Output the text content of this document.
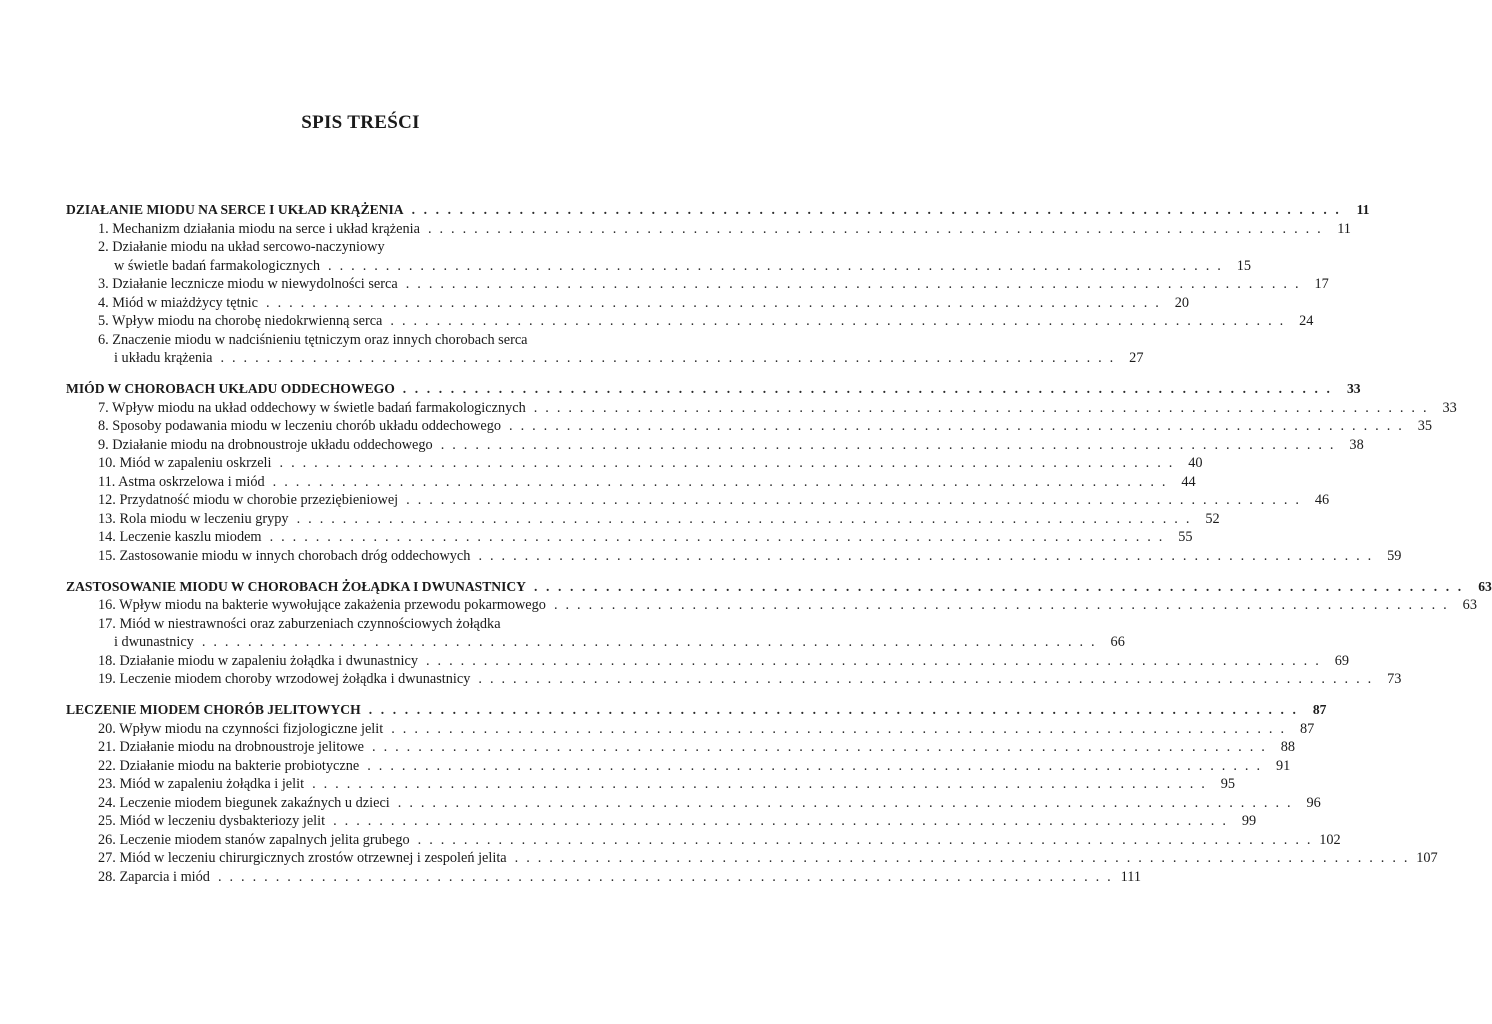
SPIS TREŚCI
DZIAŁANIE MIODU NA SERCE I UKŁAD KRĄŻENIA . . . . . . . . . . . . . . . . . . . . . . . . . . . . . . . . . . . . . . . . . . . . . . . . . . . . . . . . . . . . . . . . . . . . . . . . . . . . . .	11
1. Mechanizm działania miodu na serce i układ krążenia . . . . . . . . . . . . . . . . . . . . . . . . . . . . . . . . . . . . . . . . . . . . . . . . . . . . . . . . . . . . . . . . . . . . . . . . . . . . . . 11
2. Działanie miodu na układ sercowo-naczyniowy
w świetle badań farmakologicznych . . . . . . . . . . . . . . . . . . . . . . . . . . . . . . . . . . . . . . . . . . . . . . . . . . . . . . . . . . . . . . . . . . . . . . . . . . . . . . 15
3. Działanie lecznicze miodu w niewydolności serca . . . . . . . . . . . . . . . . . . . . . . . . . . . . . . . . . . . . . . . . . . . . . . . . . . . . . . . . . . . . . . . . . . . . . . . . . . . . . . 17
4. Miód w miażdżycy tętnic . . . . . . . . . . . . . . . . . . . . . . . . . . . . . . . . . . . . . . . . . . . . . . . . . . . . . . . . . . . . . . . . . . . . . . . . . . . . . . 20
5. Wpływ miodu na chorobę niedokrwienną serca . . . . . . . . . . . . . . . . . . . . . . . . . . . . . . . . . . . . . . . . . . . . . . . . . . . . . . . . . . . . . . . . . . . . . . . . . . . . . . 24
6. Znaczenie miodu w nadciśnieniu tętniczym oraz innych chorobach serca
i układu krążenia . . . . . . . . . . . . . . . . . . . . . . . . . . . . . . . . . . . . . . . . . . . . . . . . . . . . . . . . . . . . . . . . . . . . . . . . . . . . . . 27
MIÓD W CHOROBACH UKŁADU ODDECHOWEGO . . . . . . . . . . . . . . . . . . . . . . . . . . . . . . . . . . . . . . . . . . . . . . . . . . . . . . . . . . . . . . . . . . . . . . . . . . . . . .	33
7. Wpływ miodu na układ oddechowy w świetle badań farmakologicznych . . . . . . . . . . . . . . . . . . . . . . . . . . . . . . . . . . . . . . . . . . . . . . . . . . . . . . . . . . . . . . . . . . . . . . . . . . . . . . 33
8. Sposoby podawania miodu w leczeniu chorób układu oddechowego . . . . . . . . . . . . . . . . . . . . . . . . . . . . . . . . . . . . . . . . . . . . . . . . . . . . . . . . . . . . . . . . . . . . . . . . . . . . . . 35
9. Działanie miodu na drobnoustroje układu oddechowego . . . . . . . . . . . . . . . . . . . . . . . . . . . . . . . . . . . . . . . . . . . . . . . . . . . . . . . . . . . . . . . . . . . . . . . . . . . . . . 38
10. Miód w zapaleniu oskrzeli . . . . . . . . . . . . . . . . . . . . . . . . . . . . . . . . . . . . . . . . . . . . . . . . . . . . . . . . . . . . . . . . . . . . . . . . . . . . . . 40
11. Astma oskrzelowa i miód . . . . . . . . . . . . . . . . . . . . . . . . . . . . . . . . . . . . . . . . . . . . . . . . . . . . . . . . . . . . . . . . . . . . . . . . . . . . . . 44
12. Przydatność miodu w chorobie przeziębieniowej . . . . . . . . . . . . . . . . . . . . . . . . . . . . . . . . . . . . . . . . . . . . . . . . . . . . . . . . . . . . . . . . . . . . . . . . . . . . . . 46
13. Rola miodu w leczeniu grypy . . . . . . . . . . . . . . . . . . . . . . . . . . . . . . . . . . . . . . . . . . . . . . . . . . . . . . . . . . . . . . . . . . . . . . . . . . . . . . 52
14. Leczenie kaszlu miodem . . . . . . . . . . . . . . . . . . . . . . . . . . . . . . . . . . . . . . . . . . . . . . . . . . . . . . . . . . . . . . . . . . . . . . . . . . . . . . 55
15. Zastosowanie miodu w innych chorobach dróg oddechowych . . . . . . . . . . . . . . . . . . . . . . . . . . . . . . . . . . . . . . . . . . . . . . . . . . . . . . . . . . . . . . . . . . . . . . . . . . . . . . 59
ZASTOSOWANIE MIODU W CHOROBACH ŻOŁĄDKA I DWUNASTNICY . . . . . . . . . . . . . . . . . . . . . . . . . . . . . . . . . . . . . . . . . . . . . . . . . . . . . . . . . . . . . . . . . . . . . . . . . . . . . .	63
16. Wpływ miodu na bakterie wywołujące zakażenia przewodu pokarmowego . . . . . . . . . . . . . . . . . . . . . . . . . . . . . . . . . . . . . . . . . . . . . . . . . . . . . . . . . . . . . . . . . . . . . . . . . . . . . . 63
17. Miód w niestrawności oraz zaburzeniach czynnościowych żołądka
i dwunastnicy . . . . . . . . . . . . . . . . . . . . . . . . . . . . . . . . . . . . . . . . . . . . . . . . . . . . . . . . . . . . . . . . . . . . . . . . . . . . . . 66
18. Działanie miodu w zapaleniu żołądka i dwunastnicy . . . . . . . . . . . . . . . . . . . . . . . . . . . . . . . . . . . . . . . . . . . . . . . . . . . . . . . . . . . . . . . . . . . . . . . . . . . . . . 69
19. Leczenie miodem choroby wrzodowej żołądka i dwunastnicy . . . . . . . . . . . . . . . . . . . . . . . . . . . . . . . . . . . . . . . . . . . . . . . . . . . . . . . . . . . . . . . . . . . . . . . . . . . . . . 73
LECZENIE MIODEM CHORÓB JELITOWYCH . . . . . . . . . . . . . . . . . . . . . . . . . . . . . . . . . . . . . . . . . . . . . . . . . . . . . . . . . . . . . . . . . . . . . . . . . . . . . .	87
20. Wpływ miodu na czynności fizjologiczne jelit . . . . . . . . . . . . . . . . . . . . . . . . . . . . . . . . . . . . . . . . . . . . . . . . . . . . . . . . . . . . . . . . . . . . . . . . . . . . . . 87
21. Działanie miodu na drobnoustroje jelitowe . . . . . . . . . . . . . . . . . . . . . . . . . . . . . . . . . . . . . . . . . . . . . . . . . . . . . . . . . . . . . . . . . . . . . . . . . . . . . . 88
22. Działanie miodu na bakterie probiotyczne . . . . . . . . . . . . . . . . . . . . . . . . . . . . . . . . . . . . . . . . . . . . . . . . . . . . . . . . . . . . . . . . . . . . . . . . . . . . . . 91
23. Miód w zapaleniu żołądka i jelit . . . . . . . . . . . . . . . . . . . . . . . . . . . . . . . . . . . . . . . . . . . . . . . . . . . . . . . . . . . . . . . . . . . . . . . . . . . . . . 95
24. Leczenie miodem biegunek zakaźnych u dzieci . . . . . . . . . . . . . . . . . . . . . . . . . . . . . . . . . . . . . . . . . . . . . . . . . . . . . . . . . . . . . . . . . . . . . . . . . . . . . . 96
25. Miód w leczeniu dysbakteriozy jelit . . . . . . . . . . . . . . . . . . . . . . . . . . . . . . . . . . . . . . . . . . . . . . . . . . . . . . . . . . . . . . . . . . . . . . . . . . . . . . 99
26. Leczenie miodem stanów zapalnych jelita grubego . . . . . . . . . . . . . . . . . . . . . . . . . . . . . . . . . . . . . . . . . . . . . . . . . . . . . . . . . . . . . . . . . . . . . . . . . . . . . . 102
27. Miód w leczeniu chirurgicznych zrostów otrzewnej i zespoleń jelita . . . . . . . . . . . . . . . . . . . . . . . . . . . . . . . . . . . . . . . . . . . . . . . . . . . . . . . . . . . . . . . . . . . . . . . . . . . . . . 107
28. Zaparcia i miód . . . . . . . . . . . . . . . . . . . . . . . . . . . . . . . . . . . . . . . . . . . . . . . . . . . . . . . . . . . . . . . . . . . . . . . . . . . . . . 111
